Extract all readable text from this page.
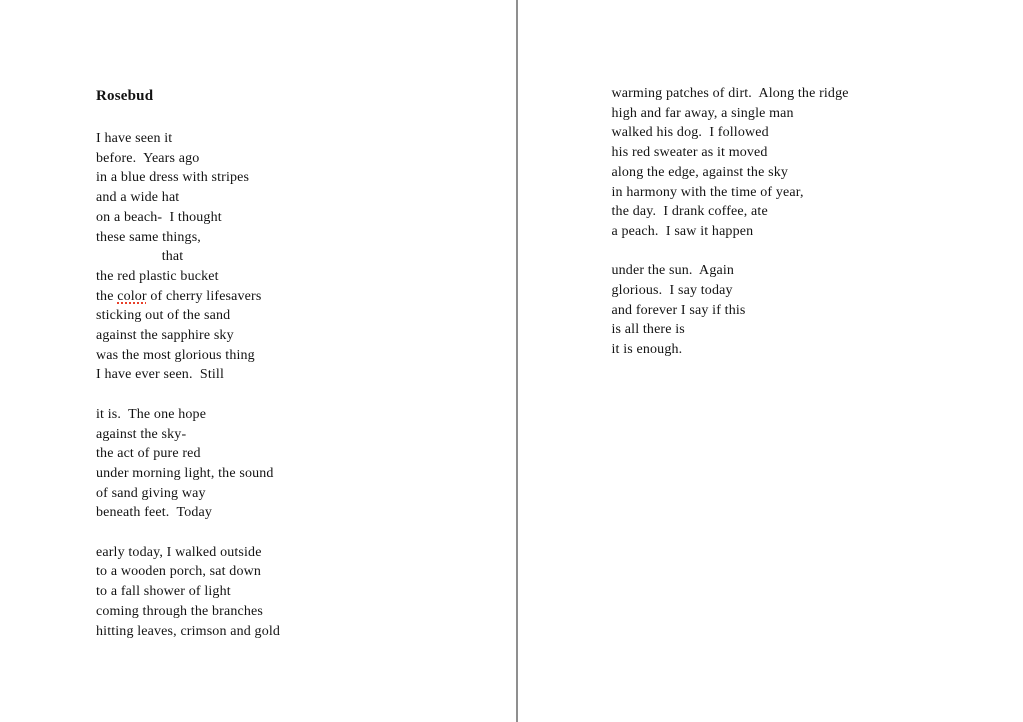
Rosebud
I have seen it
before.  Years ago
in a blue dress with stripes
and a wide hat
on a beach-  I thought
these same things,
that
the red plastic bucket
the color of cherry lifesavers
sticking out of the sand
against the sapphire sky
was the most glorious thing
I have ever seen.  Still
it is.  The one hope
against the sky-
the act of pure red
under morning light, the sound
of sand giving way
beneath feet.  Today
early today, I walked outside
to a wooden porch, sat down
to a fall shower of light
coming through the branches
hitting leaves, crimson and gold
warming patches of dirt.  Along the ridge
high and far away, a single man
walked his dog.  I followed
his red sweater as it moved
along the edge, against the sky
in harmony with the time of year,
the day.  I drank coffee, ate
a peach.  I saw it happen
under the sun.  Again
glorious.  I say today
and forever I say if this
is all there is
it is enough.
